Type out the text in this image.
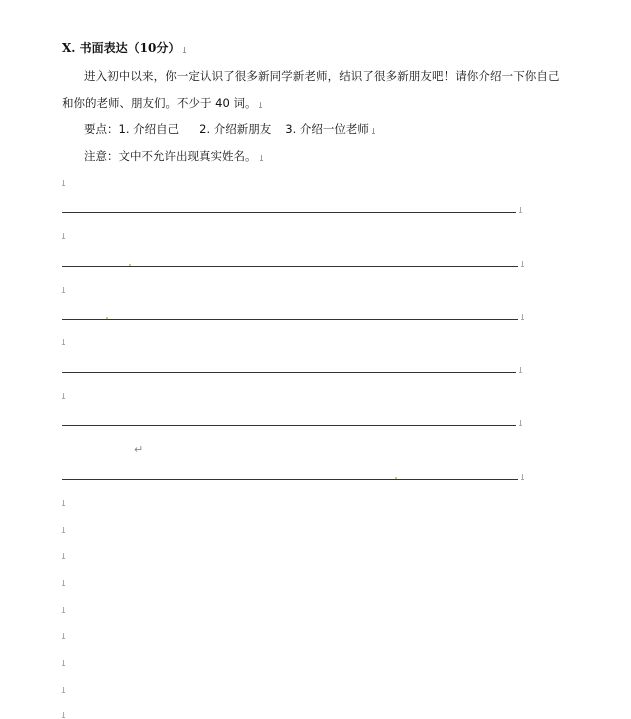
Ⅹ. 书面表达（10分）
进入初中以来，你一定认识了很多新同学新老师，结识了很多新朋友吧！请你介绍一下你自己
和你的老师、朋友们。不少于 40 词。
要点：1. 介绍自己 2. 介绍新朋友 3. 介绍一位老师
注意：文中不允许出现真实姓名。
↵
